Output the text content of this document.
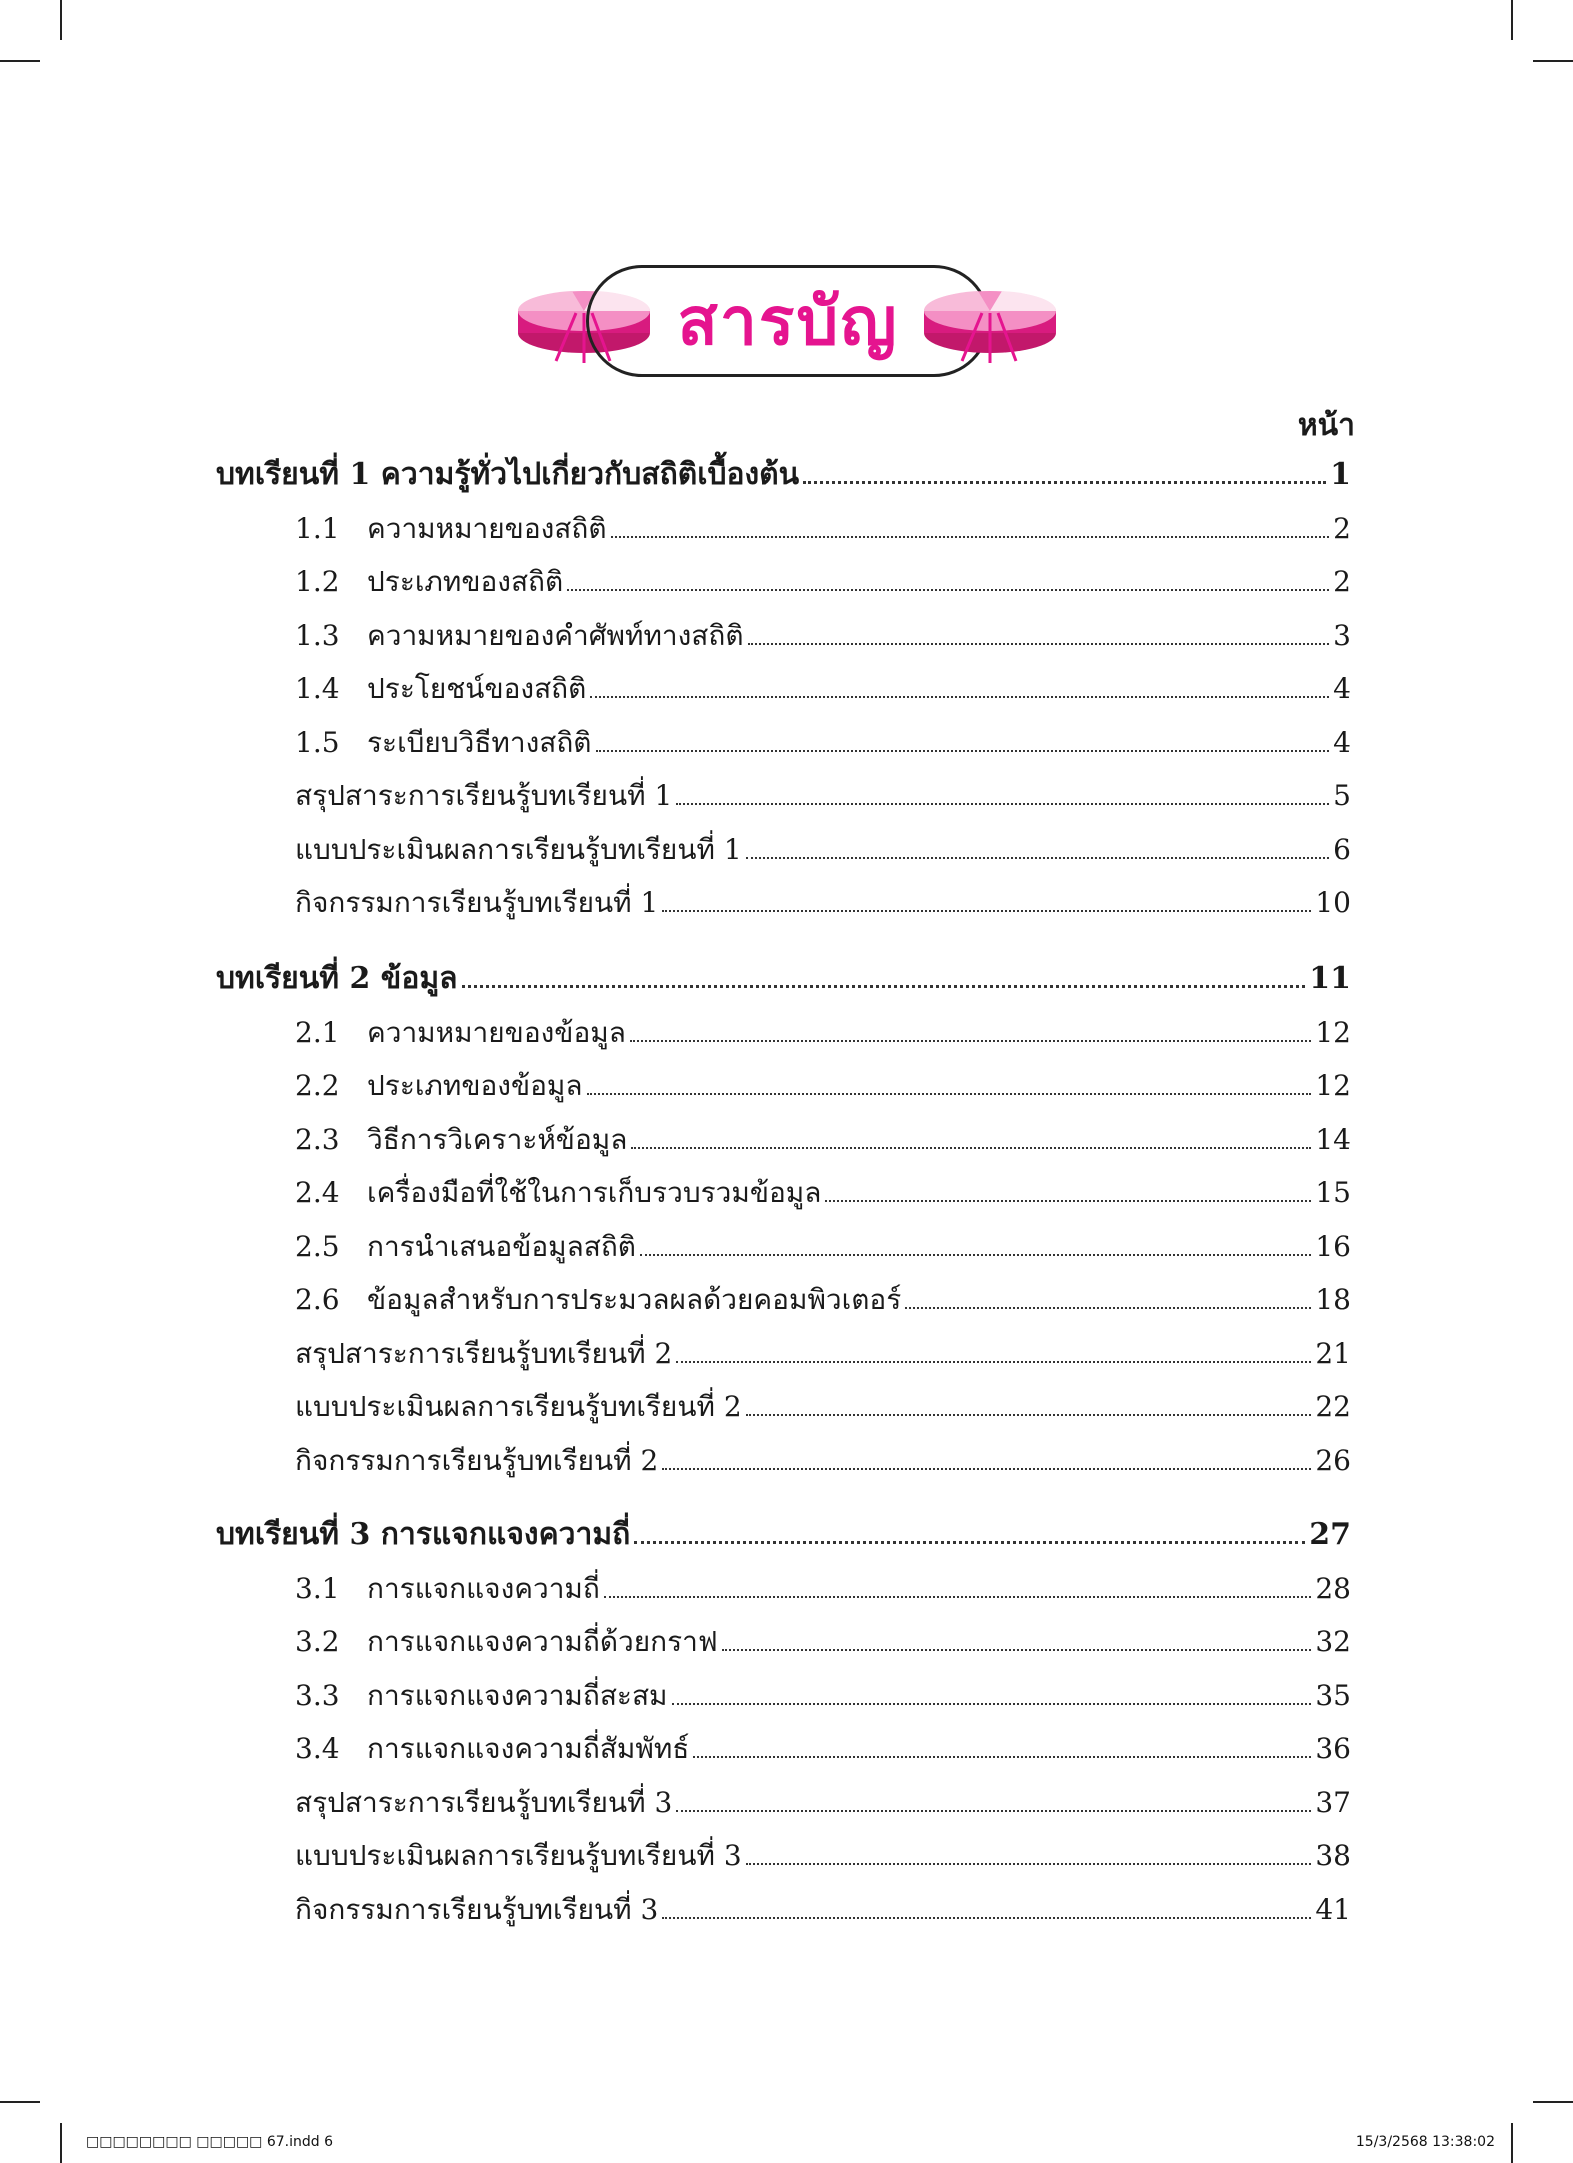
สารบัญ
หน้า
บทเรียนที่ 1 ความรู้ทั่วไปเกี่ยวกับสถิติเบื้องต้น	1
1.1 ความหมายของสถิติ	2
1.2 ประเภทของสถิติ	2
1.3 ความหมายของคำศัพท์ทางสถิติ	3
1.4 ประโยชน์ของสถิติ	4
1.5 ระเบียบวิธีทางสถิติ	4
สรุปสาระการเรียนรู้บทเรียนที่ 1	5
แบบประเมินผลการเรียนรู้บทเรียนที่ 1	6
กิจกรรมการเรียนรู้บทเรียนที่ 1	10
บทเรียนที่ 2 ข้อมูล	11
2.1 ความหมายของข้อมูล	12
2.2 ประเภทของข้อมูล	12
2.3 วิธีการวิเคราะห์ข้อมูล	14
2.4 เครื่องมือที่ใช้ในการเก็บรวบรวมข้อมูล	15
2.5 การนำเสนอข้อมูลสถิติ	16
2.6 ข้อมูลสำหรับการประมวลผลด้วยคอมพิวเตอร์	18
สรุปสาระการเรียนรู้บทเรียนที่ 2	21
แบบประเมินผลการเรียนรู้บทเรียนที่ 2	22
กิจกรรมการเรียนรู้บทเรียนที่ 2	26
บทเรียนที่ 3 การแจกแจงความถี่	27
3.1 การแจกแจงความถี่	28
3.2 การแจกแจงความถี่ด้วยกราฟ	32
3.3 การแจกแจงความถี่สะสม	35
3.4 การแจกแจงความถี่สัมพัทธ์	36
สรุปสาระการเรียนรู้บทเรียนที่ 3	37
แบบประเมินผลการเรียนรู้บทเรียนที่ 3	38
กิจกรรมการเรียนรู้บทเรียนที่ 3	41
□□□□□□□□ □□□□□ 67.indd 6	15/3/2568 13:38:02
